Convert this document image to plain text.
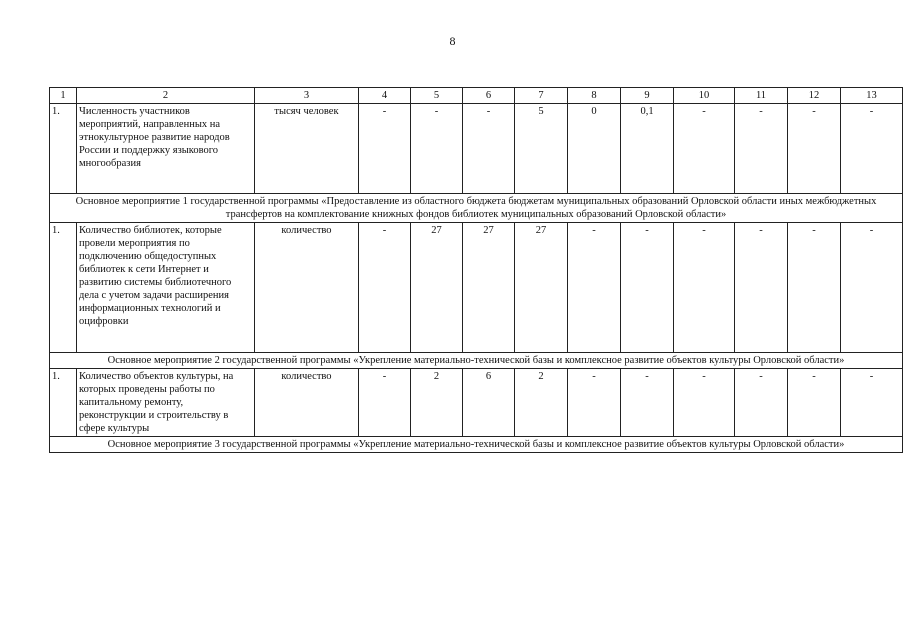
8
1	2	3	4	5	6	7	8	9	10	11	12	13
1.	Численность участников мероприятий, направленных на этнокультурное развитие народов России и поддержку языкового многообразия	тысяч человек	-	-	-	5	0	0,1	-	-	-	-
Основное мероприятие 1 государственной программы «Предоставление из областного бюджета бюджетам муниципальных образований Орловской области иных межбюджетных трансфертов на комплектование книжных фондов библиотек муниципальных образований Орловской области»												
1.	Количество библиотек, которые провели мероприятия по подключению общедоступных библиотек к сети Интернет и развитию системы библиотечного дела с учетом задачи расширения информационных технологий и оцифровки	количество	-	27	27	27	-	-	-	-	-	-
Основное мероприятие 2 государственной программы «Укрепление материально-технической базы и комплексное развитие объектов культуры Орловской области»												
1.	Количество объектов культуры, на которых проведены работы по капитальному ремонту, реконструкции и строительству в сфере культуры	количество	-	2	6	2	-	-	-	-	-	-
Основное мероприятие 3 государственной программы «Укрепление материально-технической базы и комплексное развитие объектов культуры Орловской области»												
